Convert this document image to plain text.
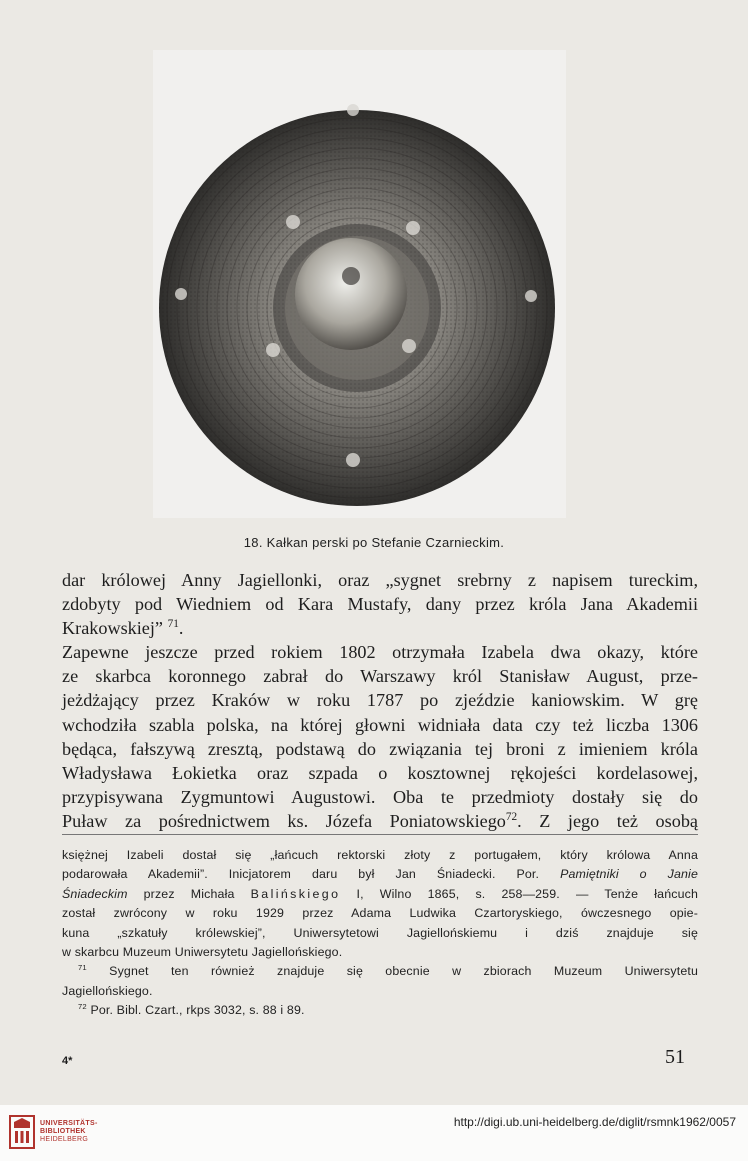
18. Kałkan perski po Stefanie Czarnieckim.
dar królowej Anny Jagiellonki, oraz „sygnet srebrny z napisem tureckim,
zdobyty pod Wiedniem od Kara Mustafy, dany przez króla Jana Akademii
Krakowskiej” $^{71}$.
Zapewne jeszcze przed rokiem 1802 otrzymała Izabela dwa okazy, które
ze skarbca koronnego zabrał do Warszawy król Stanisław August, prze-
jeżdżający przez Kraków w roku 1787 po zjeździe kaniowskim. W grę
wchodziła szabla polska, na której głowni widniała data czy też liczba 1306
będąca, fałszywą zresztą, podstawą do związania tej broni z imieniem króla
Władysława Łokietka oraz szpada o kosztownej rękojeści kordelasowej,
przypisywana Zygmuntowi Augustowi. Oba te przedmioty dostały się do
Puław za pośrednictwem ks. Józefa Poniatowskiego$^{72}$. Z jego też osobą
księżnej Izabeli dostał się „łańcuch rektorski złoty z portugałem, który królowa Anna
podarowała Akademii”. Inicjatorem daru był Jan Śniadecki. Por. Pamiętniki o Janie
Śniadeckim przez Michała Balińskiego I, Wilno 1865, s. 258—259. — Tenże łańcuch
został zwrócony w roku 1929 przez Adama Ludwika Czartoryskiego, ówczesnego opie-
kuna „szkatuły królewskiej”, Uniwersytetowi Jagiellońskiemu i dziś znajduje się
w skarbcu Muzeum Uniwersytetu Jagiellońskiego.
$^{71}$ Sygnet ten również znajduje się obecnie w zbiorach Muzeum Uniwersytetu
Jagiellońskiego.
$^{72}$ Por. Bibl. Czart., rkps 3032, s. 88 i 89.
4*	51
UNIVERSITÄTS-
BIBLIOTHEK
HEIDELBERG
http://digi.ub.uni-heidelberg.de/diglit/rsmnk1962/0057
